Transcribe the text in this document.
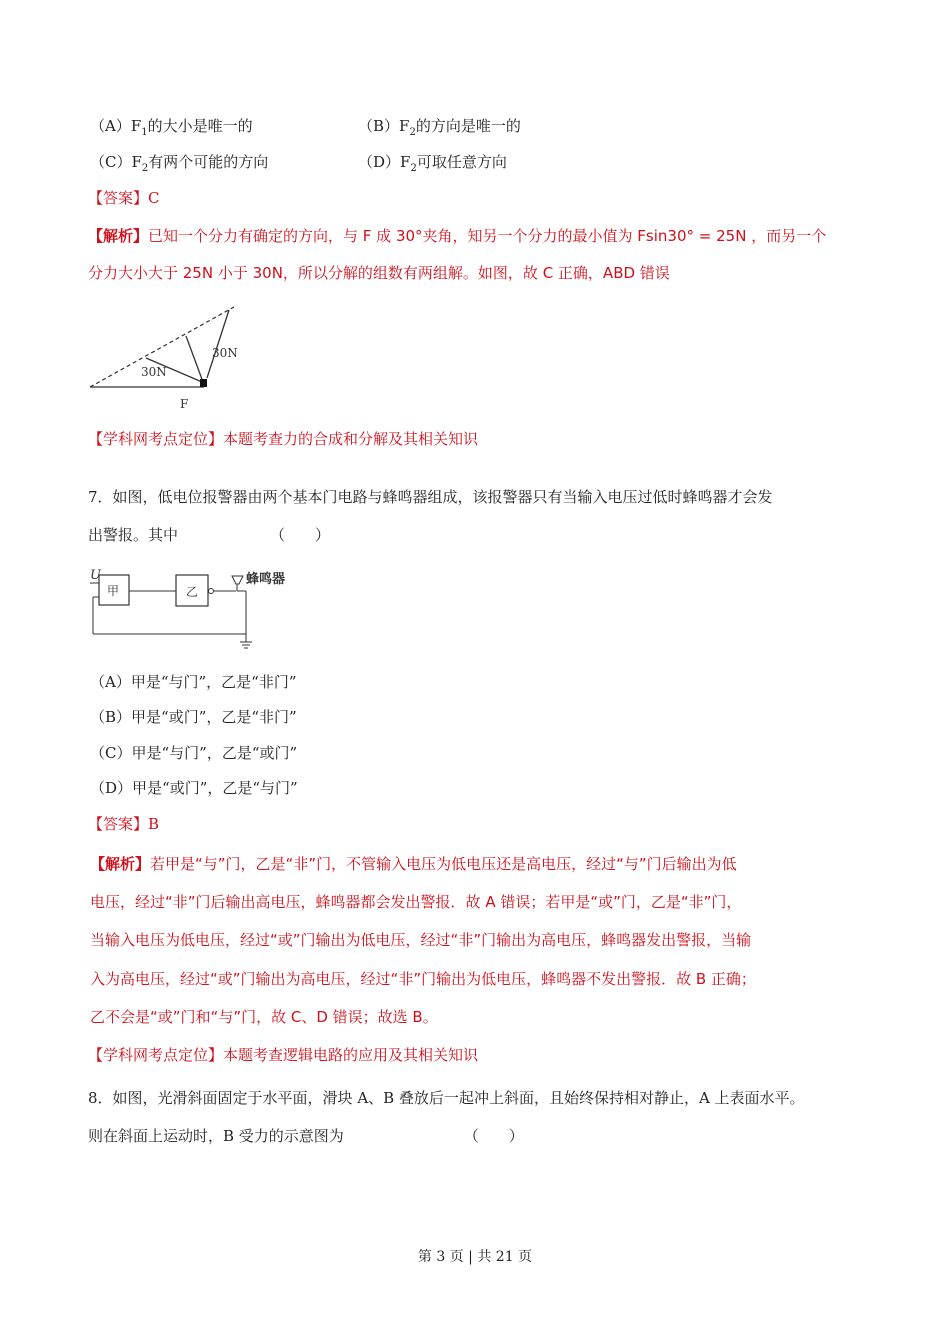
$(A)F_1$的大小是唯一的	$(B)F_2$的方向是唯一的
$(C)F_2$有两个可能的方向	$(D)F_2$可取任意方向
【答案】C
【解析】已知一个分力有确定的方向，与 F 成 30°夹角，知另一个分力的最小值为 Fsin30° = 25N ，而另一个
分力大小大于 25N 小于 30N，所以分解的组数有两组解。如图，故 C 正确，ABD 错误
30N
30N
F
【学科网考点定位】本题考查力的合成和分解及其相关知识
7．如图，低电位报警器由两个基本门电路与蜂鸣器组成，该报警器只有当输入电压过低时蜂鸣器才会发
出警报。其中	（　　）
U
甲	乙
蜂鸣器
（A）甲是“与门”，乙是“非门”
（B）甲是“或门”，乙是“非门”
（C）甲是“与门”，乙是“或门”
（D）甲是“或门”，乙是“与门”
【答案】B
【解析】若甲是“与”门，乙是“非”门，不管输入电压为低电压还是高电压，经过“与”门后输出为低
电压，经过“非”门后输出高电压，蜂鸣器都会发出警报．故 A 错误；若甲是“或”门，乙是“非”门，
当输入电压为低电压，经过“或”门输出为低电压，经过“非”门输出为高电压，蜂鸣器发出警报，当输
入为高电压，经过“或”门输出为高电压，经过“非”门输出为低电压，蜂鸣器不发出警报．故 B 正确；
乙不会是“或”门和“与”门，故 C、D 错误；故选 B。
【学科网考点定位】本题考查逻辑电路的应用及其相关知识
8．如图，光滑斜面固定于水平面，滑块 A、B 叠放后一起冲上斜面，且始终保持相对静止，A 上表面水平。
则在斜面上运动时，B 受力的示意图为	（　　）
第 3 页 | 共 21 页
